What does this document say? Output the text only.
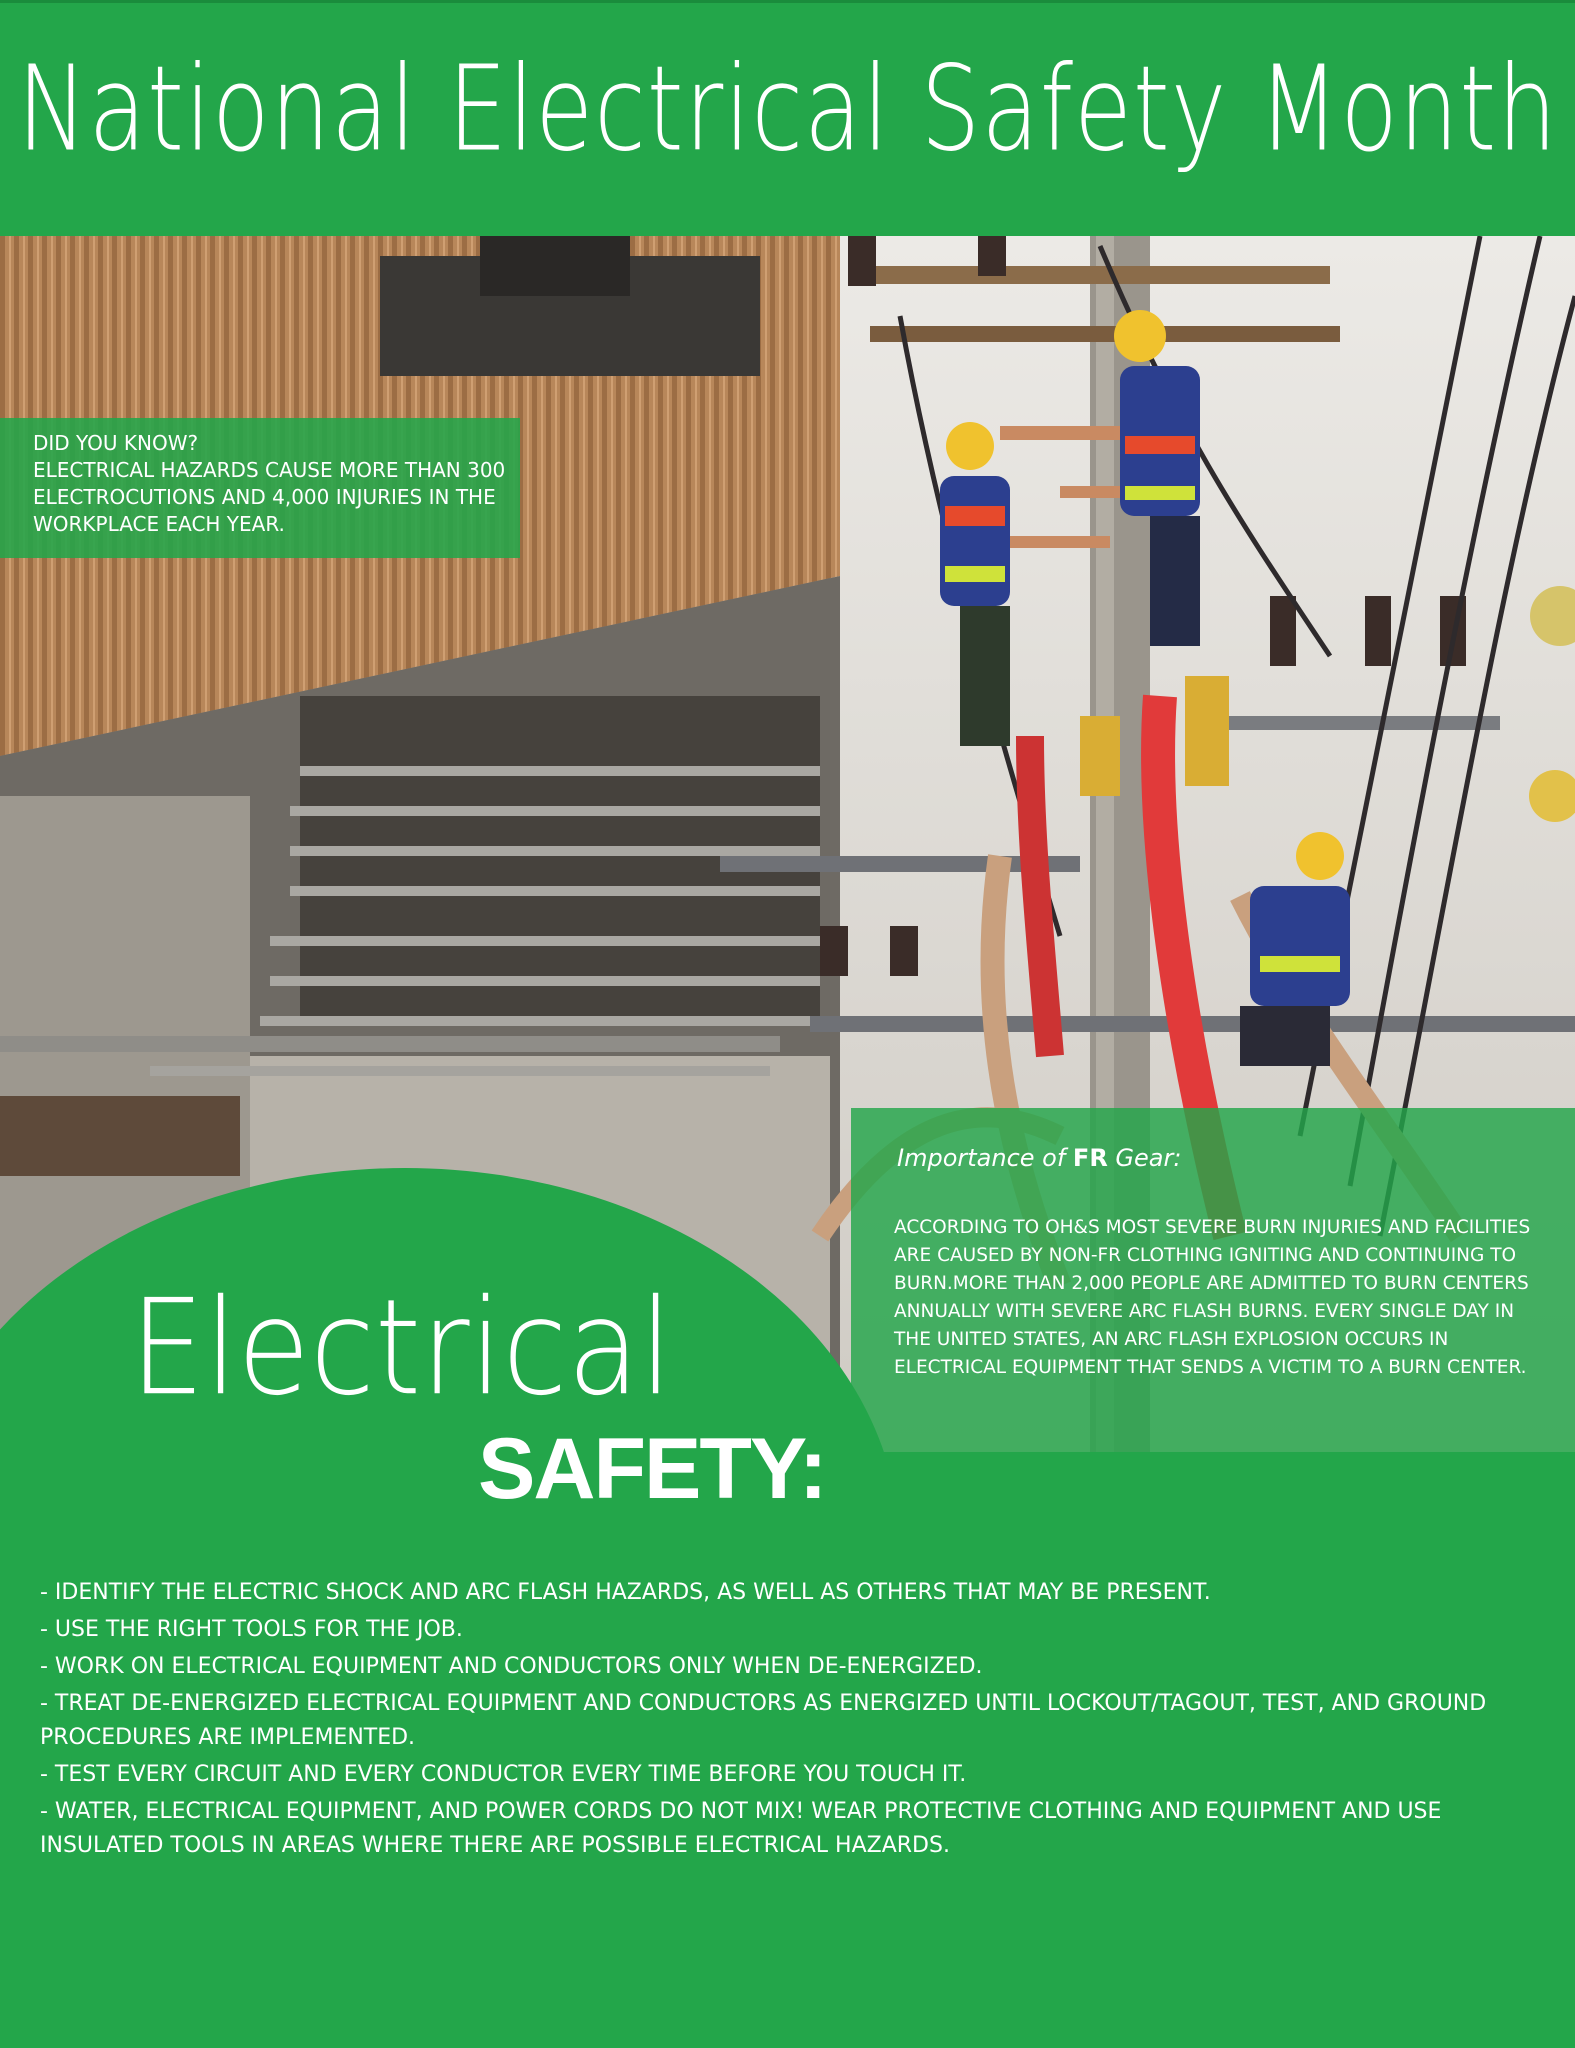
National Electrical Safety Month

DID YOU KNOW?
ELECTRICAL HAZARDS CAUSE MORE THAN 300 ELECTROCUTIONS AND 4,000 INJURIES IN THE WORKPLACE EACH YEAR.

Importance of FR Gear:

ACCORDING TO OH&S MOST SEVERE BURN INJURIES AND FACILITIES ARE CAUSED BY NON-FR CLOTHING IGNITING AND CONTINUING TO BURN.MORE THAN 2,000 PEOPLE ARE ADMITTED TO BURN CENTERS ANNUALLY WITH SEVERE ARC FLASH BURNS. EVERY SINGLE DAY IN THE UNITED STATES, AN ARC FLASH EXPLOSION OCCURS IN ELECTRICAL EQUIPMENT THAT SENDS A VICTIM TO A BURN CENTER.

Electrical
SAFETY:
- IDENTIFY THE ELECTRIC SHOCK AND ARC FLASH HAZARDS, AS WELL AS OTHERS THAT MAY BE PRESENT.
- USE THE RIGHT TOOLS FOR THE JOB.
- WORK ON ELECTRICAL EQUIPMENT AND CONDUCTORS ONLY WHEN DE-ENERGIZED.
- TREAT DE-ENERGIZED ELECTRICAL EQUIPMENT AND CONDUCTORS AS ENERGIZED UNTIL LOCKOUT/TAGOUT, TEST, AND GROUND PROCEDURES ARE IMPLEMENTED.
- TEST EVERY CIRCUIT AND EVERY CONDUCTOR EVERY TIME BEFORE YOU TOUCH IT.
- WATER, ELECTRICAL EQUIPMENT, AND POWER CORDS DO NOT MIX! WEAR PROTECTIVE CLOTHING AND EQUIPMENT AND USE INSULATED TOOLS IN AREAS WHERE THERE ARE POSSIBLE ELECTRICAL HAZARDS.
